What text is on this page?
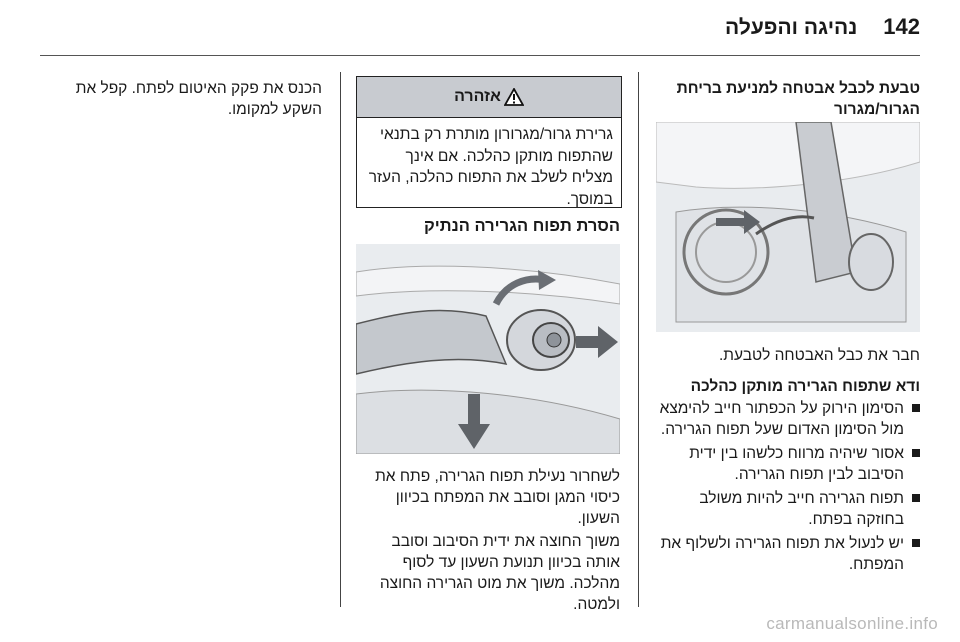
142
נהיגה והפעלה
טבעת לכבל אבטחה למניעת בריחת הגרור/מגרור
חבר את כבל האבטחה לטבעת.
ודא שתפוח הגרירה מותקן כהלכה
הסימון הירוק על הכפתור חייב להימצא מול הסימון האדום שעל תפוח הגרירה.
אסור שיהיה מרווח כלשהו בין ידית הסיבוב לבין תפוח הגרירה.
תפוח הגרירה חייב להיות משולב בחוזקה בפתח.
יש לנעול את תפוח הגרירה ולשלוף את המפתח.
אזהרה
גרירת גרור/מגרורון מותרת רק בתנאי שהתפוח מותקן כהלכה. אם אינך מצליח לשלב את התפוח כהלכה, העזר במוסך.
הסרת תפוח הגרירה הנתיק
לשחרור נעילת תפוח הגרירה, פתח את כיסוי המגן וסובב את המפתח בכיוון השעון.
משוך החוצה את ידית הסיבוב וסובב אותה בכיוון תנועת השעון עד לסוף מהלכה. משוך את מוט הגרירה החוצה ולמטה.
הכנס את פקק האיטום לפתח. קפל את השקע למקומו.
carmanualsonline.info
